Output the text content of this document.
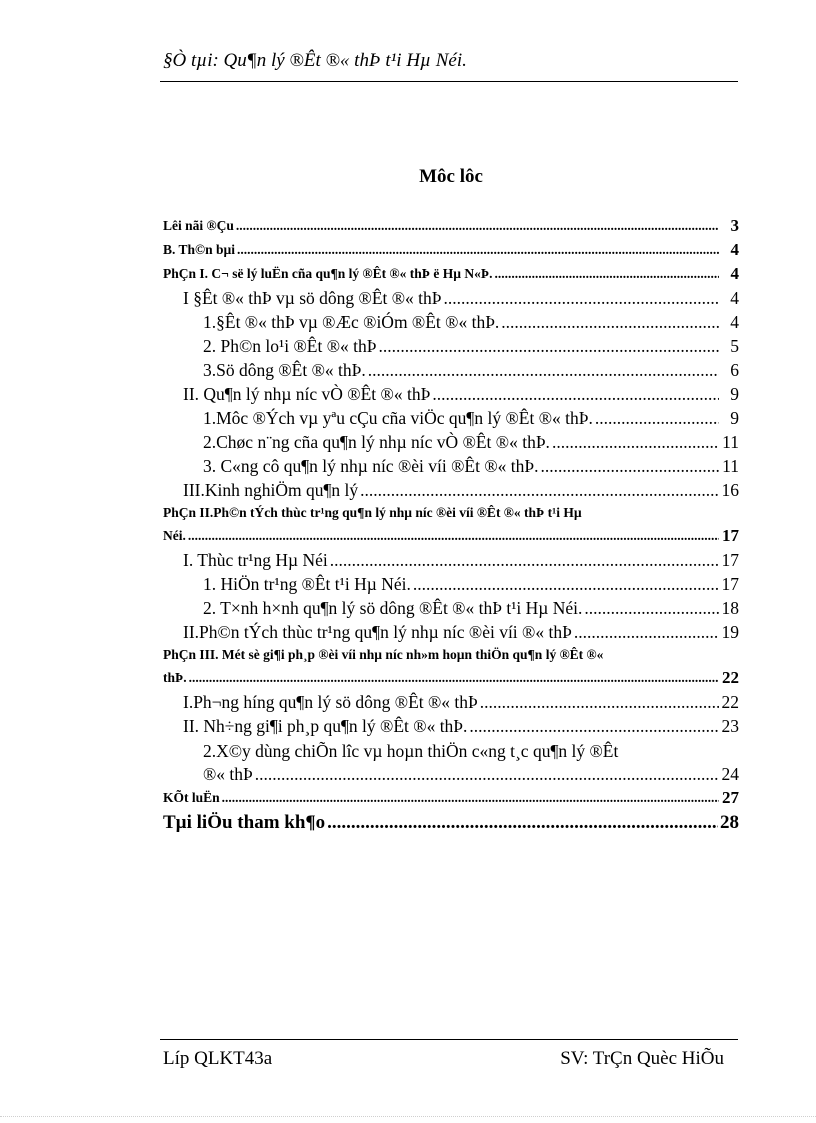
§Ò tµi: Qu¶n lý ®Êt ®« thÞ t¹i Hµ Néi.
Môc lôc
Lêi nãi ®Çu .....	3
B. Th©n bµi .....	4
PhÇn I. C¬ së lý luËn cña qu¶n lý ®Êt ®« thÞ ë Hµ N«Þ. .....	4
I §Êt ®« thÞ vµ sö dông ®Êt ®« thÞ .....	4
1.§Êt ®« thÞ vµ ®Æc ®iÓm ®Êt ®« thÞ. .....	4
2. Ph©n lo¹i ®Êt ®« thÞ .....	5
3.Sö dông ®Êt ®« thÞ. .....	6
II. Qu¶n lý nhµ níc vÒ ®Êt ®« thÞ .....	9
1.Môc ®Ých vµ yªu cÇu cña viÖc qu¶n lý ®Êt ®« thÞ. .....	9
2.Chøc n¨ng cña qu¶n lý nhµ níc vÒ ®Êt ®« thÞ. .....	11
3. C«ng cô qu¶n lý nhµ níc ®èi víi ®Êt ®« thÞ. .....	11
III.Kinh nghiÖm qu¶n lý .....	16
PhÇn II.Ph©n tÝch thùc tr¹ng qu¶n lý nhµ níc ®èi víi ®Êt ®« thÞ t¹i Hµ
Néi. .....	17
I. Thùc tr¹ng Hµ Néi .....	17
1. HiÖn tr¹ng ®Êt t¹i Hµ Néi. .....	17
2. T×nh h×nh qu¶n lý sö dông ®Êt ®« thÞ t¹i Hµ Néi. .....	18
II.Ph©n tÝch thùc tr¹ng qu¶n lý nhµ níc ®èi víi ®« thÞ .....	19
PhÇn III. Mét sè gi¶i ph¸p ®èi víi nhµ níc nh»m hoµn thiÖn qu¶n lý ®Êt ®«
thÞ. .....	22
I.Ph¬ng híng qu¶n lý sö dông ®Êt ®« thÞ .....	22
II. Nh÷ng gi¶i ph¸p qu¶n lý ®Êt ®« thÞ. .....	23
2.X©y dùng chiÕn lîc vµ hoµn thiÖn c«ng t¸c qu¶n lý ®Êt
®« thÞ .....	24
KÕt luËn .....	27
Tµi liÖu tham kh¶o .....	28
Líp QLKT43a	SV: TrÇn Quèc HiÕu
